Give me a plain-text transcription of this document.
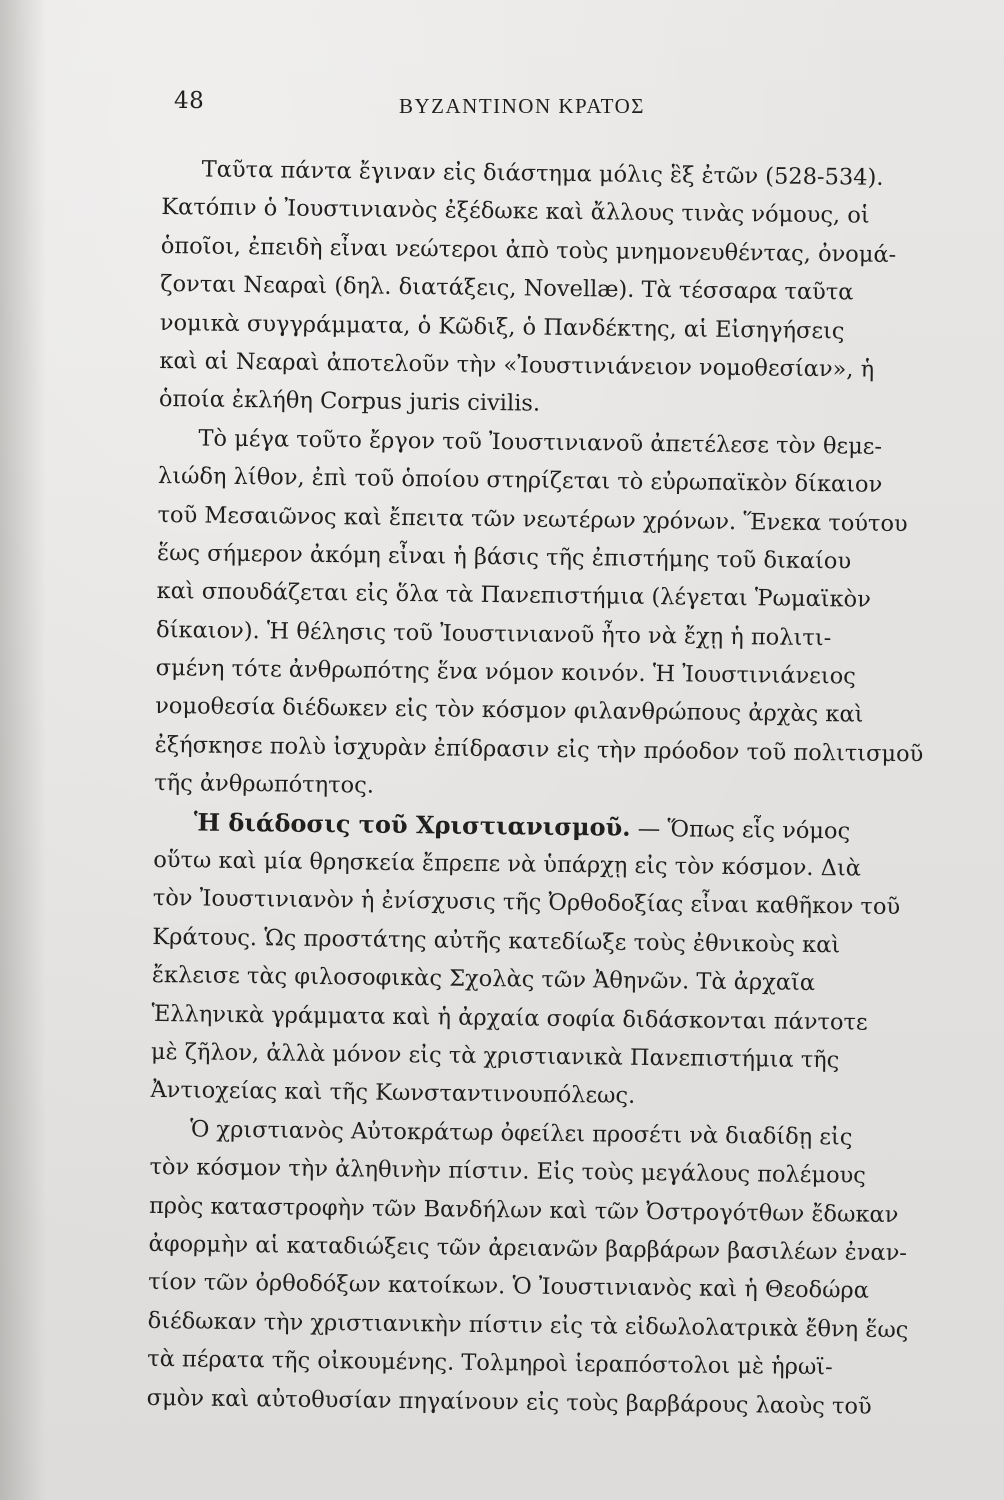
48	ΒΥΖΑΝΤΙΝΟΝ ΚΡΑΤΟΣ
Ταῦτα πάντα ἔγιναν εἰς διάστημα μόλις ἓξ ἐτῶν (528-534).
Κατόπιν ὁ Ἰουστινιανὸς ἐξέδωκε καὶ ἄλλους τινὰς νόμους, οἱ
ὁποῖοι, ἐπειδὴ εἶναι νεώτεροι ἀπὸ τοὺς μνημονευθέντας, ὀνομά-
ζονται Νεαραὶ (δηλ. διατάξεις, Novellæ). Τὰ τέσσαρα ταῦτα
νομικὰ συγγράμματα, ὁ Κῶδιξ, ὁ Πανδέκτης, αἱ Εἰσηγήσεις
καὶ αἱ Νεαραὶ ἀποτελοῦν τὴν «Ἰουστινιάνειον νομοθεσίαν», ἡ
ὁποία ἐκλήθη Corpus juris civilis.
Τὸ μέγα τοῦτο ἔργον τοῦ Ἰουστινιανοῦ ἀπετέλεσε τὸν θεμε-
λιώδη λίθον, ἐπὶ τοῦ ὁποίου στηρίζεται τὸ εὐρωπαϊκὸν δίκαιον
τοῦ Μεσαιῶνος καὶ ἔπειτα τῶν νεωτέρων χρόνων. Ἕνεκα τούτου
ἕως σήμερον ἀκόμη εἶναι ἡ βάσις τῆς ἐπιστήμης τοῦ δικαίου
καὶ σπουδάζεται εἰς ὅλα τὰ Πανεπιστήμια (λέγεται Ῥωμαϊκὸν
δίκαιον). Ἡ θέλησις τοῦ Ἰουστινιανοῦ ἦτο νὰ ἔχῃ ἡ πολιτι-
σμένη τότε ἀνθρωπότης ἕνα νόμον κοινόν. Ἡ Ἰουστινιάνειος
νομοθεσία διέδωκεν εἰς τὸν κόσμον φιλανθρώπους ἀρχὰς καὶ
ἐξήσκησε πολὺ ἰσχυρὰν ἐπίδρασιν εἰς τὴν πρόοδον τοῦ πολιτισμοῦ
τῆς ἀνθρωπότητος.
Ἡ διάδοσις τοῦ Χριστιανισμοῦ. — Ὅπως εἷς νόμος
οὕτω καὶ μία θρησκεία ἔπρεπε νὰ ὑπάρχῃ εἰς τὸν κόσμον. Διὰ
τὸν Ἰουστινιανὸν ἡ ἐνίσχυσις τῆς Ὀρθοδοξίας εἶναι καθῆκον τοῦ
Κράτους. Ὡς προστάτης αὐτῆς κατεδίωξε τοὺς ἐθνικοὺς καὶ
ἔκλεισε τὰς φιλοσοφικὰς Σχολὰς τῶν Ἀθηνῶν. Τὰ ἀρχαῖα
Ἑλληνικὰ γράμματα καὶ ἡ ἀρχαία σοφία διδάσκονται πάντοτε
μὲ ζῆλον, ἀλλὰ μόνον εἰς τὰ χριστιανικὰ Πανεπιστήμια τῆς
Ἀντιοχείας καὶ τῆς Κωνσταντινουπόλεως.
Ὁ χριστιανὸς Αὐτοκράτωρ ὀφείλει προσέτι νὰ διαδίδῃ εἰς
τὸν κόσμον τὴν ἀληθινὴν πίστιν. Εἰς τοὺς μεγάλους πολέμους
πρὸς καταστροφὴν τῶν Βανδήλων καὶ τῶν Ὀστρογότθων ἔδωκαν
ἀφορμὴν αἱ καταδιώξεις τῶν ἀρειανῶν βαρβάρων βασιλέων ἐναν-
τίον τῶν ὀρθοδόξων κατοίκων. Ὁ Ἰουστινιανὸς καὶ ἡ Θεοδώρα
διέδωκαν τὴν χριστιανικὴν πίστιν εἰς τὰ εἰδωλολατρικὰ ἔθνη ἕως
τὰ πέρατα τῆς οἰκουμένης. Τολμηροὶ ἱεραπόστολοι μὲ ἡρωϊ-
σμὸν καὶ αὐτοθυσίαν πηγαίνουν εἰς τοὺς βαρβάρους λαοὺς τοῦ
